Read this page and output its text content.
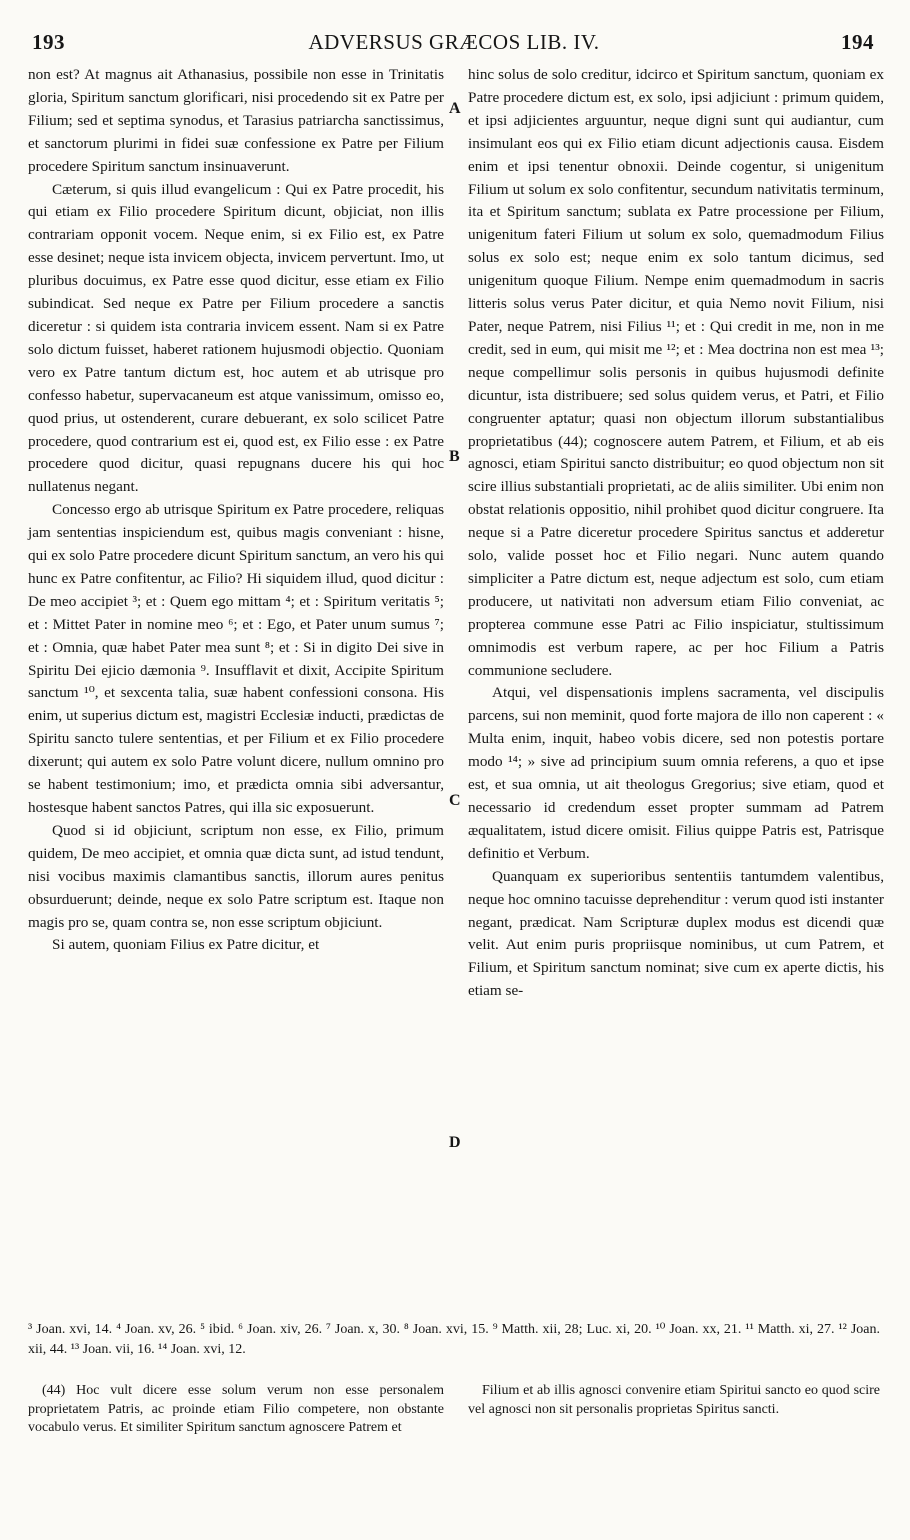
193	ADVERSUS GRÆCOS LIB. IV.	194

non est? At magnus ait Athanasius, possibile non esse in Trinitatis gloria, Spiritum sanctum glorificari, nisi procedendo sit ex Patre per Filium; sed et septima synodus, et Tarasius patriarcha sanctissimus, et sanctorum plurimi in fidei suæ confessione ex Patre per Filium procedere Spiritum sanctum insinuaverunt.

Cæterum, si quis illud evangelicum : Qui ex Patre procedit, his qui etiam ex Filio procedere Spiritum dicunt, objiciat, non illis contrariam opponit vocem. Neque enim, si ex Filio est, ex Patre esse desinet; neque ista invicem objecta, invicem pervertunt. Imo, ut pluribus docuimus, ex Patre esse quod dicitur, esse etiam ex Filio subindicat. Sed neque ex Patre per Filium procedere a sanctis diceretur : si quidem ista contraria invicem essent. Nam si ex Patre solo dictum fuisset, haberet rationem hujusmodi objectio. Quoniam vero ex Patre tantum dictum est, hoc autem et ab utrisque pro confesso habetur, supervacaneum est atque vanissimum, omisso eo, quod prius, ut ostenderent, curare debuerant, ex solo scilicet Patre procedere, quod contrarium est ei, quod est, ex Filio esse : ex Patre procedere quod dicitur, quasi repugnans ducere his qui hoc nullatenus negant.

Concesso ergo ab utrisque Spiritum ex Patre procedere, reliquas jam sententias inspiciendum est, quibus magis conveniant : hisne, qui ex solo Patre procedere dicunt Spiritum sanctum, an vero his qui hunc ex Patre confitentur, ac Filio? Hi siquidem illud, quod dicitur : De meo accipiet ³; et : Quem ego mittam ⁴; et : Spiritum veritatis ⁵; et : Mittet Pater in nomine meo ⁶; et : Ego, et Pater unum sumus ⁷; et : Omnia, quæ habet Pater mea sunt ⁸; et : Si in digito Dei sive in Spiritu Dei ejicio dæmonia ⁹. Insufflavit et dixit, Accipite Spiritum sanctum ¹⁰, et sexcenta talia, suæ habent confessioni consona. His enim, ut superius dictum est, magistri Ecclesiæ inducti, prædictas de Spiritu sancto tulere sententias, et per Filium et ex Filio procedere dixerunt; qui autem ex solo Patre volunt dicere, nullum omnino pro se habent testimonium; imo, et prædicta omnia sibi adversantur, hostesque habent sanctos Patres, qui illa sic exposuerunt.

Quod si id objiciunt, scriptum non esse, ex Filio, primum quidem, De meo accipiet, et omnia quæ dicta sunt, ad istud tendunt, nisi vocibus maximis clamantibus sanctis, illorum aures penitus obsurduerunt; deinde, neque ex solo Patre scriptum est. Itaque non magis pro se, quam contra se, non esse scriptum objiciunt.

Si autem, quoniam Filius ex Patre dicitur, et

hinc solus de solo creditur, idcirco et Spiritum sanctum, quoniam ex Patre procedere dictum est, ex solo, ipsi adjiciunt : primum quidem, et ipsi adjicientes arguuntur, neque digni sunt qui audiantur, cum insimulant eos qui ex Filio etiam dicunt adjectionis causa. Eisdem enim et ipsi tenentur obnoxii. Deinde cogentur, si unigenitum Filium ut solum ex solo confitentur, secundum nativitatis terminum, ita et Spiritum sanctum; sublata ex Patre processione per Filium, unigenitum fateri Filium ut solum ex solo, quemadmodum Filius solus ex solo est; neque enim ex solo tantum dicimus, sed unigenitum quoque Filium. Nempe enim quemadmodum in sacris litteris solus verus Pater dicitur, et quia Nemo novit Filium, nisi Pater, neque Patrem, nisi Filius ¹¹; et : Qui credit in me, non in me credit, sed in eum, qui misit me ¹²; et : Mea doctrina non est mea ¹³; neque compellimur solis personis in quibus hujusmodi definite dicuntur, ista distribuere; sed solus quidem verus, et Patri, et Filio congruenter aptatur; quasi non objectum illorum substantialibus proprietatibus (44); cognoscere autem Patrem, et Filium, et ab eis agnosci, etiam Spiritui sancto distribuitur; eo quod objectum non sit scire illius substantiali proprietati, ac de aliis similiter. Ubi enim non obstat relationis oppositio, nihil prohibet quod dicitur congruere. Ita neque si a Patre diceretur procedere Spiritus sanctus et adderetur solo, valide posset hoc et Filio negari. Nunc autem quando simpliciter a Patre dictum est, neque adjectum est solo, cum etiam producere, ut nativitati non adversum etiam Filio conveniat, ac propterea commune esse Patri ac Filio inspiciatur, stultissimum omnimodis est verbum rapere, ac per hoc Filium a Patris communione secludere.

Atqui, vel dispensationis implens sacramenta, vel discipulis parcens, sui non meminit, quod forte majora de illo non caperent : « Multa enim, inquit, habeo vobis dicere, sed non potestis portare modo ¹⁴; » sive ad principium suum omnia referens, a quo et ipse est, et sua omnia, ut ait theologus Gregorius; sive etiam, quod et necessario id credendum esset propter summam ad Patrem æqualitatem, istud dicere omisit. Filius quippe Patris est, Patrisque definitio et Verbum.

Quanquam ex superioribus sententiis tantumdem valentibus, neque hoc omnino tacuisse deprehenditur : verum quod isti instanter negant, prædicat. Nam Scripturæ duplex modus est dicendi quæ velit. Aut enim puris propriisque nominibus, ut cum Patrem, et Filium, et Spiritum sanctum nominat; sive cum ex aperte dictis, his etiam se-

A
B
C
D
³ Joan. xvi, 14. ⁴ Joan. xv, 26. ⁵ ibid. ⁶ Joan. xiv, 26. ⁷ Joan. x, 30. ⁸ Joan. xvi, 15. ⁹ Matth. xii, 28; Luc. xi, 20. ¹⁰ Joan. xx, 21. ¹¹ Matth. xi, 27. ¹² Joan. xii, 44. ¹³ Joan. vii, 16. ¹⁴ Joan. xvi, 12.

(44) Hoc vult dicere esse solum verum non esse personalem proprietatem Patris, ac proinde etiam Filio competere, non obstante vocabulo verus. Et similiter Spiritum sanctum agnoscere Patrem et

Filium et ab illis agnosci convenire etiam Spiritui sancto eo quod scire vel agnosci non sit personalis proprietas Spiritus sancti.
